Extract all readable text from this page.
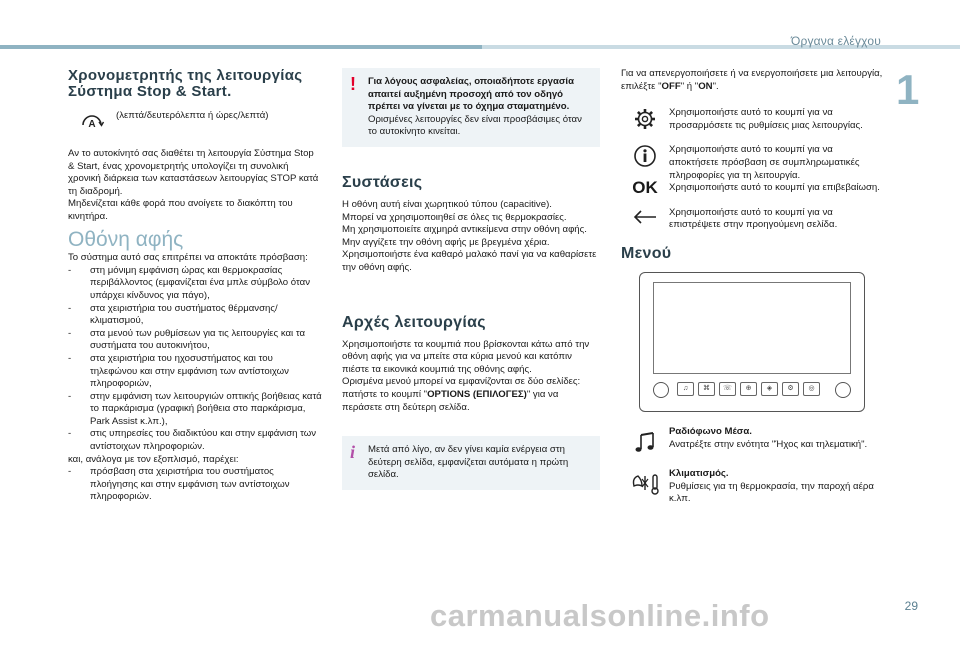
Όργανα ελέγχου
1
29
Χρονομετρητής της λειτουργίας
Σύστημα Stop & Start.
A
(λεπτά/δευτερόλεπτα ή ώρες/λεπτά)

Αν το αυτοκίνητό σας διαθέτει τη λειτουργία Σύστημα Stop & Start, ένας χρονομετρητής υπολογίζει τη συνολική χρονική διάρκεια των καταστάσεων λειτουργίας STOP κατά τη διαδρομή.

Μηδενίζεται κάθε φορά που ανοίγετε το διακόπτη του κινητήρα.

Οθόνη αφής

Το σύστημα αυτό σας επιτρέπει να αποκτάτε πρόσβαση:

- στη μόνιμη εμφάνιση ώρας και θερμοκρασίας περιβάλλοντος (εμφανίζεται ένα μπλε σύμβολο όταν υπάρχει κίνδυνος για πάγο),
- στα χειριστήρια του συστήματος θέρμανσης/ κλιματισμού,
- στα μενού των ρυθμίσεων για τις λειτουργίες και τα συστήματα του αυτοκινήτου,
- στα χειριστήρια του ηχοσυστήματος και του τηλεφώνου και στην εμφάνιση των αντίστοιχων πληροφοριών,
- στην εμφάνιση των λειτουργιών οπτικής βοήθειας κατά το παρκάρισμα (γραφική βοήθεια στο παρκάρισμα, Park Assist κ.λπ.),
- στις υπηρεσίες του διαδικτύου και στην εμφάνιση των αντίστοιχων πληροφοριών.

και, ανάλογα με τον εξοπλισμό, παρέχει:

- πρόσβαση στα χειριστήρια του συστήματος πλοήγησης και στην εμφάνιση των αντίστοιχων πληροφοριών.
! Για λόγους ασφαλείας, οποιαδήποτε εργασία απαιτεί αυξημένη προσοχή από τον οδηγό πρέπει να γίνεται με το όχημα σταματημένο.

Ορισμένες λειτουργίες δεν είναι προσβάσιμες όταν το αυτοκίνητο κινείται.

Συστάσεις

Η οθόνη αυτή είναι χωρητικού τύπου (capacitive).

Μπορεί να χρησιμοποιηθεί σε όλες τις θερμοκρασίες.

Μη χρησιμοποιείτε αιχμηρά αντικείμενα στην οθόνη αφής.

Μην αγγίζετε την οθόνη αφής με βρεγμένα χέρια.

Χρησιμοποιήστε ένα καθαρό μαλακό πανί για να καθαρίσετε την οθόνη αφής.

Αρχές λειτουργίας

Χρησιμοποιήστε τα κουμπιά που βρίσκονται κάτω από την οθόνη αφής για να μπείτε στα κύρια μενού και κατόπιν πιέστε τα εικονικά κουμπιά της οθόνης αφής.

Ορισμένα μενού μπορεί να εμφανίζονται σε δύο σελίδες: πατήστε το κουμπί "OPTIONS (ΕΠΙΛΟΓΕΣ)" για να περάσετε στη δεύτερη σελίδα.

i Μετά από λίγο, αν δεν γίνει καμία ενέργεια στη δεύτερη σελίδα, εμφανίζεται αυτόματα η πρώτη σελίδα.

Για να απενεργοποιήσετε ή να ενεργοποιήσετε μια λειτουργία, επιλέξτε "OFF" ή "ON".

Χρησιμοποιήστε αυτό το κουμπί για να προσαρμόσετε τις ρυθμίσεις μιας λειτουργίας.
Χρησιμοποιήστε αυτό το κουμπί για να αποκτήσετε πρόσβαση σε συμπληρωματικές πληροφορίες για τη λειτουργία.
OK Χρησιμοποιήστε αυτό το κουμπί για επιβεβαίωση.
Χρησιμοποιήστε αυτό το κουμπί για να επιστρέψετε στην προηγούμενη σελίδα.
Μενού
♫	⌘	☏	⊕	◈	⚙	◎
Ραδιόφωνο Μέσα.
Ανατρέξτε στην ενότητα "Ήχος και τηλεματική".
Κλιματισμός.
Ρυθμίσεις για τη θερμοκρασία, την παροχή αέρα κ.λπ.
carmanualsonline.info
